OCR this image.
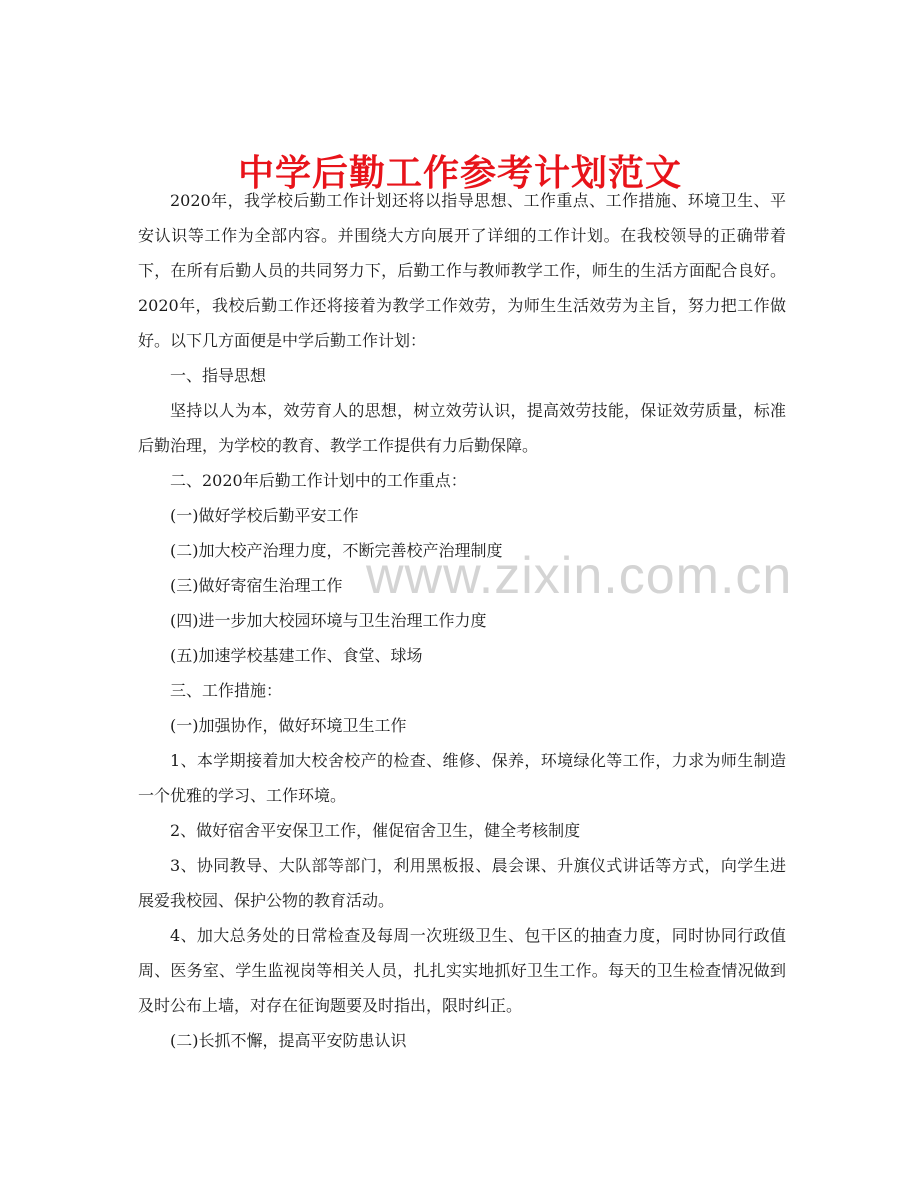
中学后勤工作参考计划范文

2020年，我学校后勤工作计划还将以指导思想、工作重点、工作措施、环境卫生、平安认识等工作为全部内容。并围绕大方向展开了详细的工作计划。在我校领导的正确带着下，在所有后勤人员的共同努力下，后勤工作与教师教学工作，师生的生活方面配合良好。2020年，我校后勤工作还将接着为教学工作效劳，为师生生活效劳为主旨，努力把工作做好。以下几方面便是中学后勤工作计划：

一、指导思想

坚持以人为本，效劳育人的思想，树立效劳认识，提高效劳技能，保证效劳质量，标准后勤治理，为学校的教育、教学工作提供有力后勤保障。

二、2020年后勤工作计划中的工作重点：

(一)做好学校后勤平安工作

(二)加大校产治理力度，不断完善校产治理制度

(三)做好寄宿生治理工作

(四)进一步加大校园环境与卫生治理工作力度

(五)加速学校基建工作、食堂、球场

三、工作措施：

(一)加强协作，做好环境卫生工作

1、本学期接着加大校舍校产的检查、维修、保养，环境绿化等工作，力求为师生制造一个优雅的学习、工作环境。

2、做好宿舍平安保卫工作，催促宿舍卫生，健全考核制度

3、协同教导、大队部等部门，利用黑板报、晨会课、升旗仪式讲话等方式，向学生进展爱我校园、保护公物的教育活动。

4、加大总务处的日常检查及每周一次班级卫生、包干区的抽查力度，同时协同行政值周、医务室、学生监视岗等相关人员，扎扎实实地抓好卫生工作。每天的卫生检查情况做到及时公布上墙，对存在征询题要及时指出，限时纠正。

(二)长抓不懈，提高平安防患认识

www.zixin.com.cn
